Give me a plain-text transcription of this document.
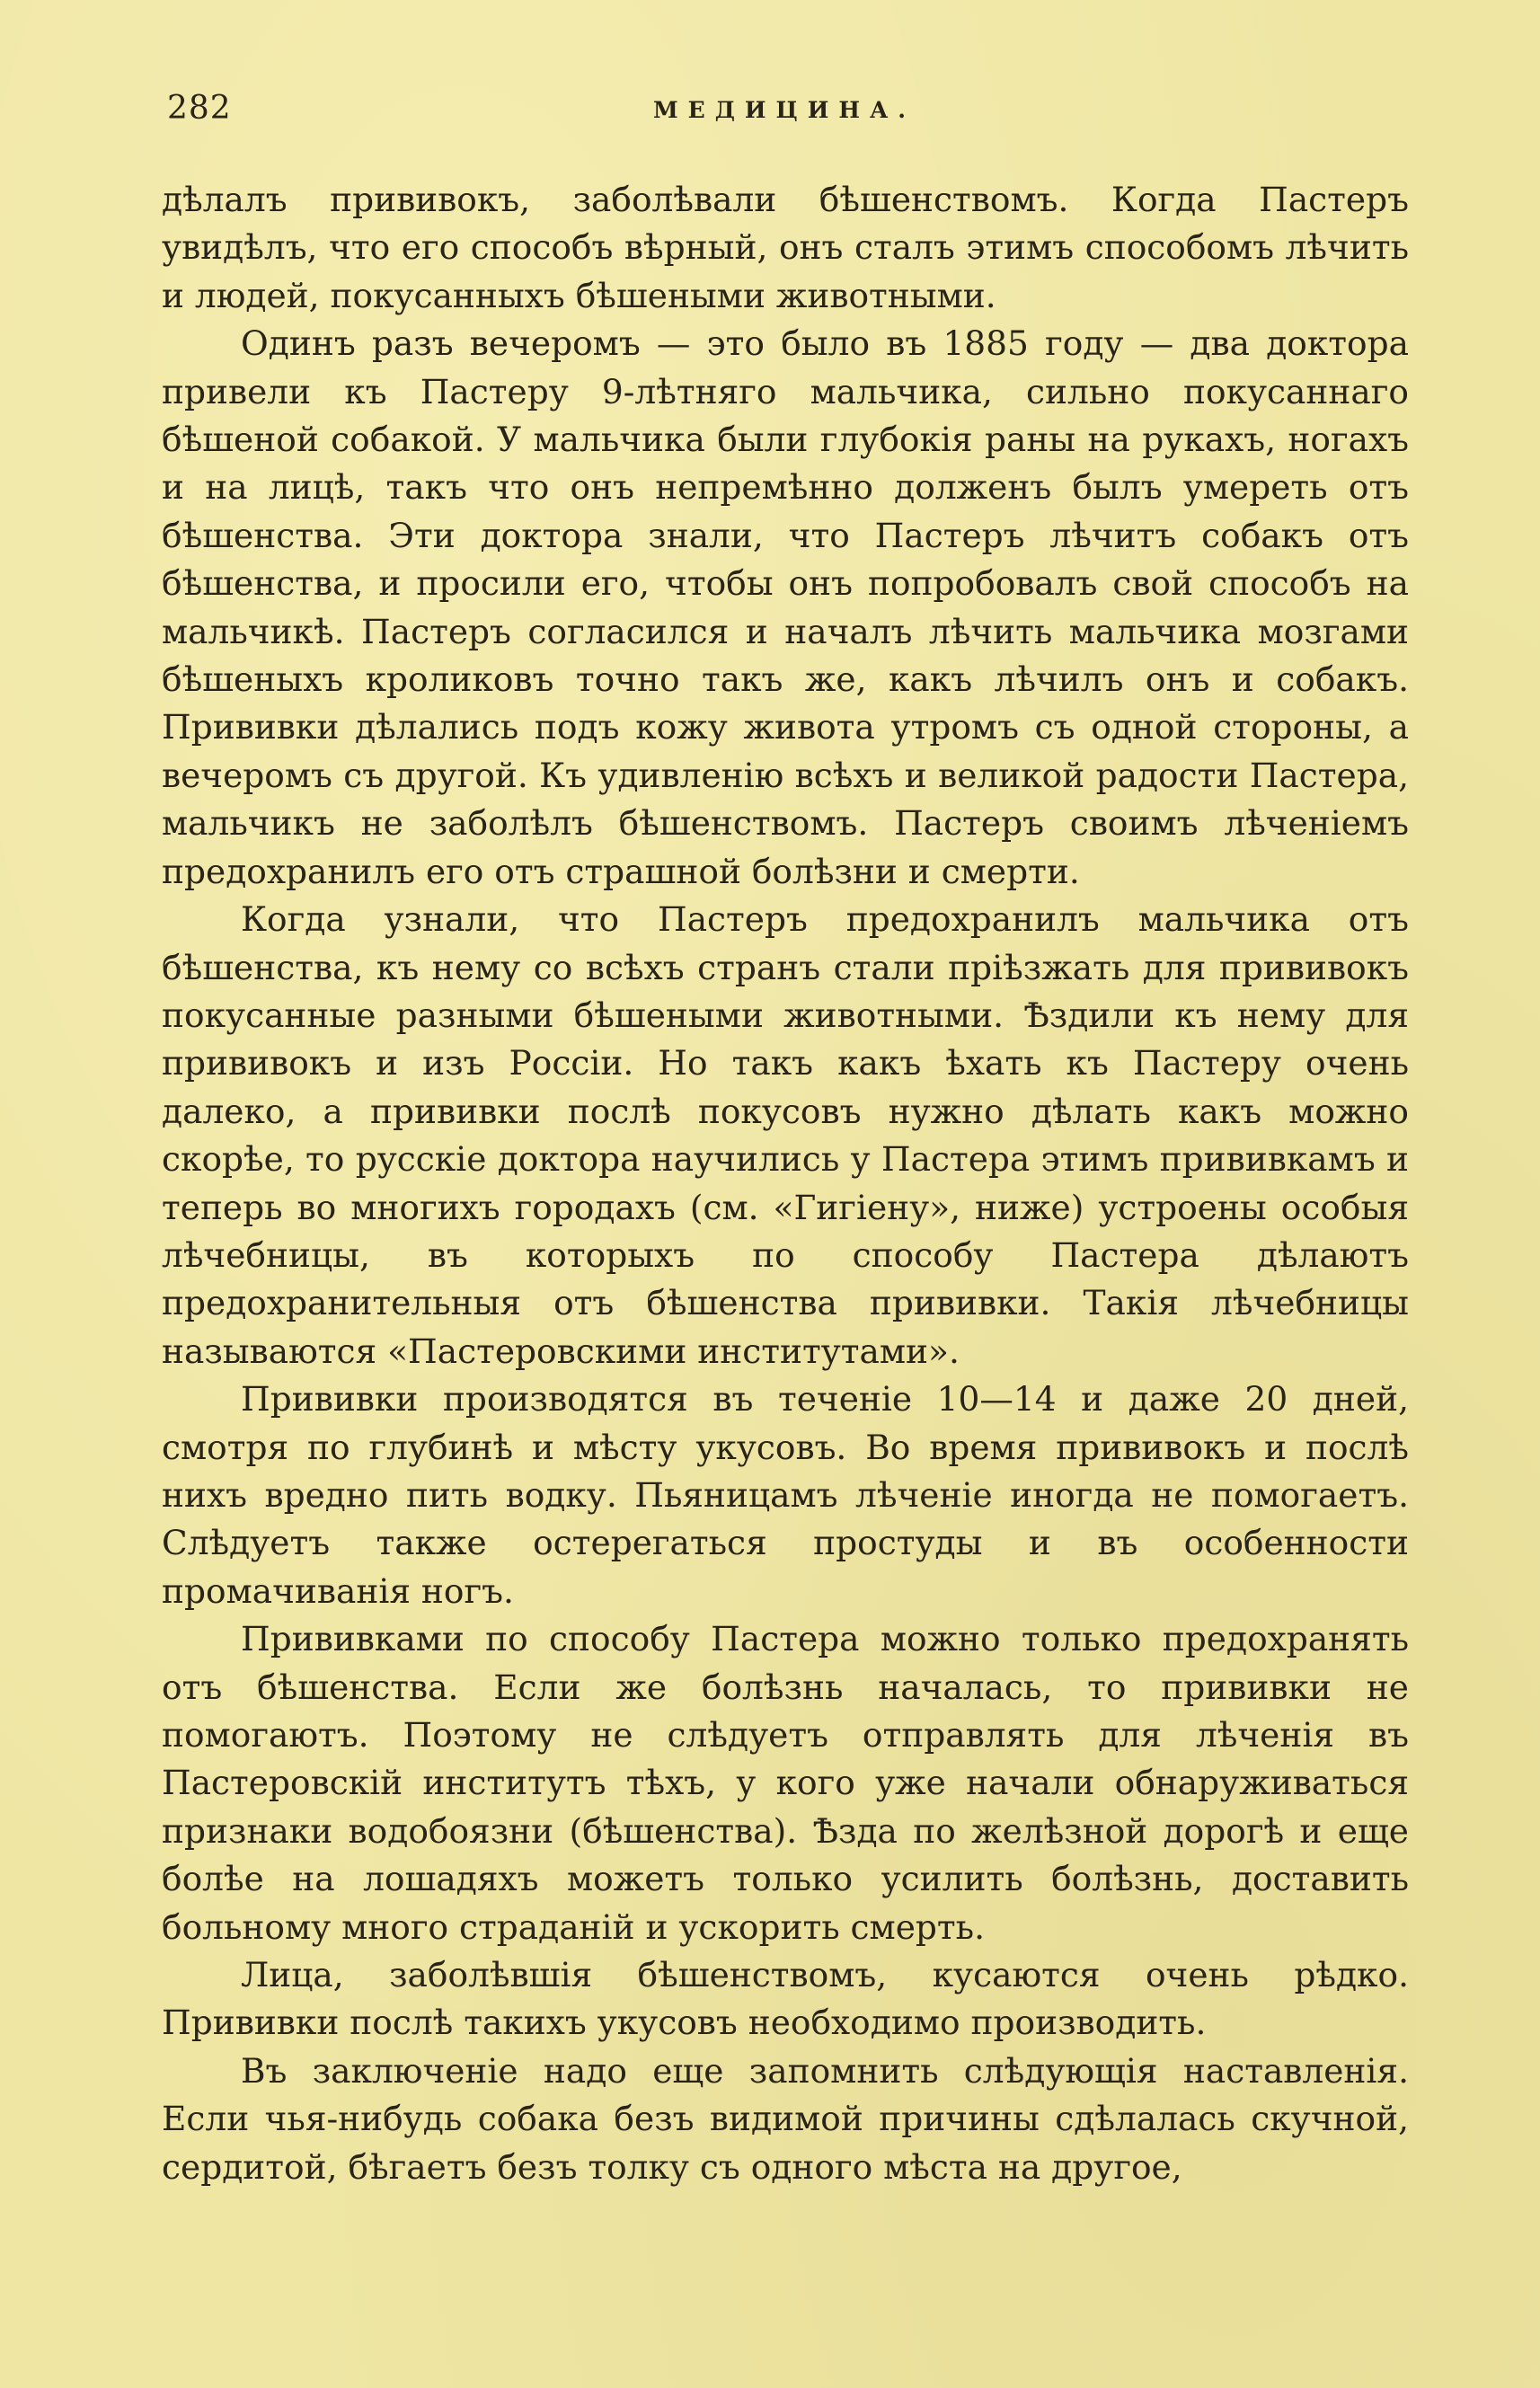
282	МЕДИЦИНА.

дѣлалъ прививокъ, заболѣвали бѣшенствомъ. Когда Пастеръ увидѣлъ, что его способъ вѣрный, онъ сталъ этимъ способомъ лѣчить и людей, покусанныхъ бѣшеными животными.

Одинъ разъ вечеромъ — это было въ 1885 году — два доктора привели къ Пастеру 9-лѣтняго мальчика, сильно покусаннаго бѣшеной собакой. У мальчика были глубокія раны на рукахъ, ногахъ и на лицѣ, такъ что онъ непремѣнно долженъ былъ умереть отъ бѣшенства. Эти доктора знали, что Пастеръ лѣчитъ собакъ отъ бѣшенства, и просили его, чтобы онъ попробовалъ свой способъ на мальчикѣ. Пастеръ согласился и началъ лѣчить мальчика мозгами бѣшеныхъ кроликовъ точно такъ же, какъ лѣчилъ онъ и собакъ. Прививки дѣлались подъ кожу живота утромъ съ одной стороны, а вечеромъ съ другой. Къ удивленію всѣхъ и великой радости Пастера, мальчикъ не заболѣлъ бѣшенствомъ. Пастеръ своимъ лѣченіемъ предохранилъ его отъ страшной болѣзни и смерти.

Когда узнали, что Пастеръ предохранилъ мальчика отъ бѣшенства, къ нему со всѣхъ странъ стали пріѣзжать для прививокъ покусанные разными бѣшеными животными. Ѣздили къ нему для прививокъ и изъ Россіи. Но такъ какъ ѣхать къ Пастеру очень далеко, а прививки послѣ покусовъ нужно дѣлать какъ можно скорѣе, то русскіе доктора научились у Пастера этимъ прививкамъ и теперь во многихъ городахъ (см. «Гигіену», ниже) устроены особыя лѣчебницы, въ которыхъ по способу Пастера дѣлаютъ предохранительныя отъ бѣшенства прививки. Такія лѣчебницы называются «Пастеровскими институтами».

Прививки производятся въ теченіе 10—14 и даже 20 дней, смотря по глубинѣ и мѣсту укусовъ. Во время прививокъ и послѣ нихъ вредно пить водку. Пьяницамъ лѣченіе иногда не помогаетъ. Слѣдуетъ также остерегаться простуды и въ особенности промачиванія ногъ.

Прививками по способу Пастера можно только предохранять отъ бѣшенства. Если же болѣзнь началась, то прививки не помогаютъ. Поэтому не слѣдуетъ отправлять для лѣченія въ Пастеровскій институтъ тѣхъ, у кого уже начали обнаруживаться признаки водобоязни (бѣшенства). Ѣзда по желѣзной дорогѣ и еще болѣе на лошадяхъ можетъ только усилить болѣзнь, доставить больному много страданій и ускорить смерть.

Лица, заболѣвшія бѣшенствомъ, кусаются очень рѣдко. Прививки послѣ такихъ укусовъ необходимо производить.

Въ заключеніе надо еще запомнить слѣдующія наставленія. Если чья-нибудь собака безъ видимой причины сдѣлалась скучной, сердитой, бѣгаетъ безъ толку съ одного мѣста на другое,
